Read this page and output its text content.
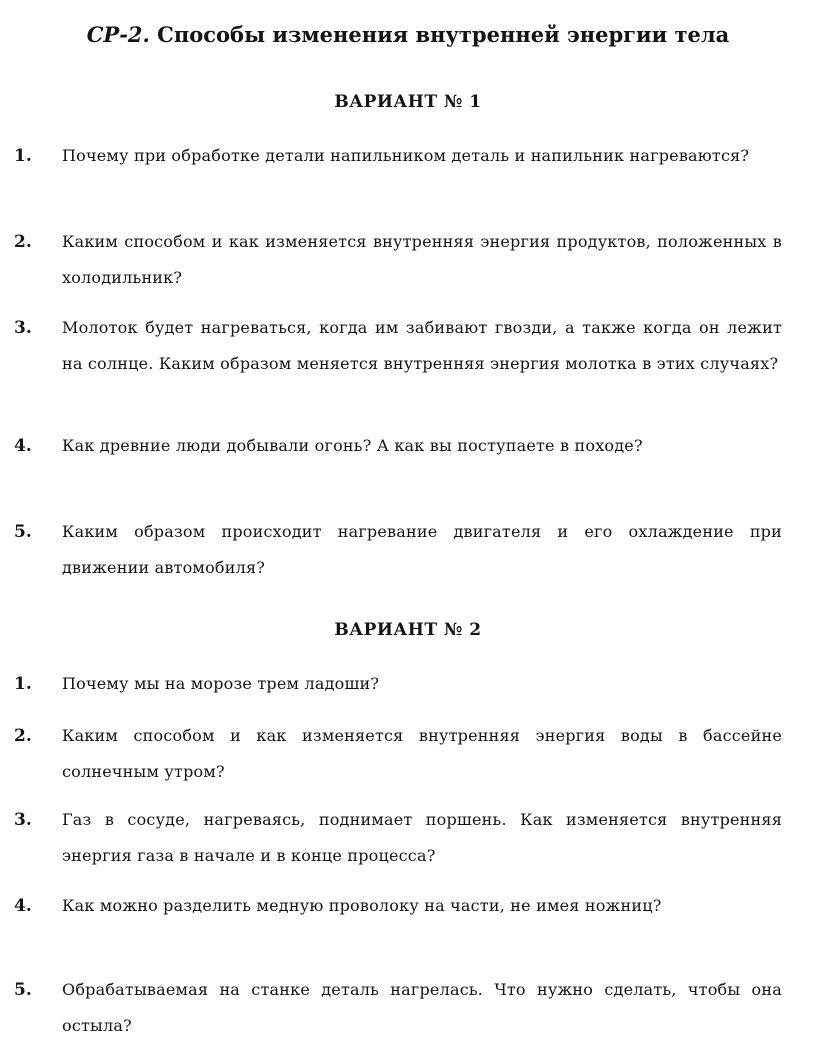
СР-2. Способы изменения внутренней энергии тела
ВАРИАНТ № 1
1. Почему при обработке детали напильником деталь и напильник нагреваются?
2. Каким способом и как изменяется внутренняя энергия продуктов, положенных в холодильник?
3. Молоток будет нагреваться, когда им забивают гвозди, а также когда он лежит на солнце. Каким образом меняется внутренняя энергия молотка в этих случаях?
4. Как древние люди добывали огонь? А как вы поступаете в походе?
5. Каким образом происходит нагревание двигателя и его охлаждение при движении автомобиля?
ВАРИАНТ № 2
1. Почему мы на морозе трем ладоши?
2. Каким способом и как изменяется внутренняя энергия воды в бассейне солнечным утром?
3. Газ в сосуде, нагреваясь, поднимает поршень. Как изменяется внутренняя энергия газа в начале и в конце процесса?
4. Как можно разделить медную проволоку на части, не имея ножниц?
5. Обрабатываемая на станке деталь нагрелась. Что нужно сделать, чтобы она остыла?
